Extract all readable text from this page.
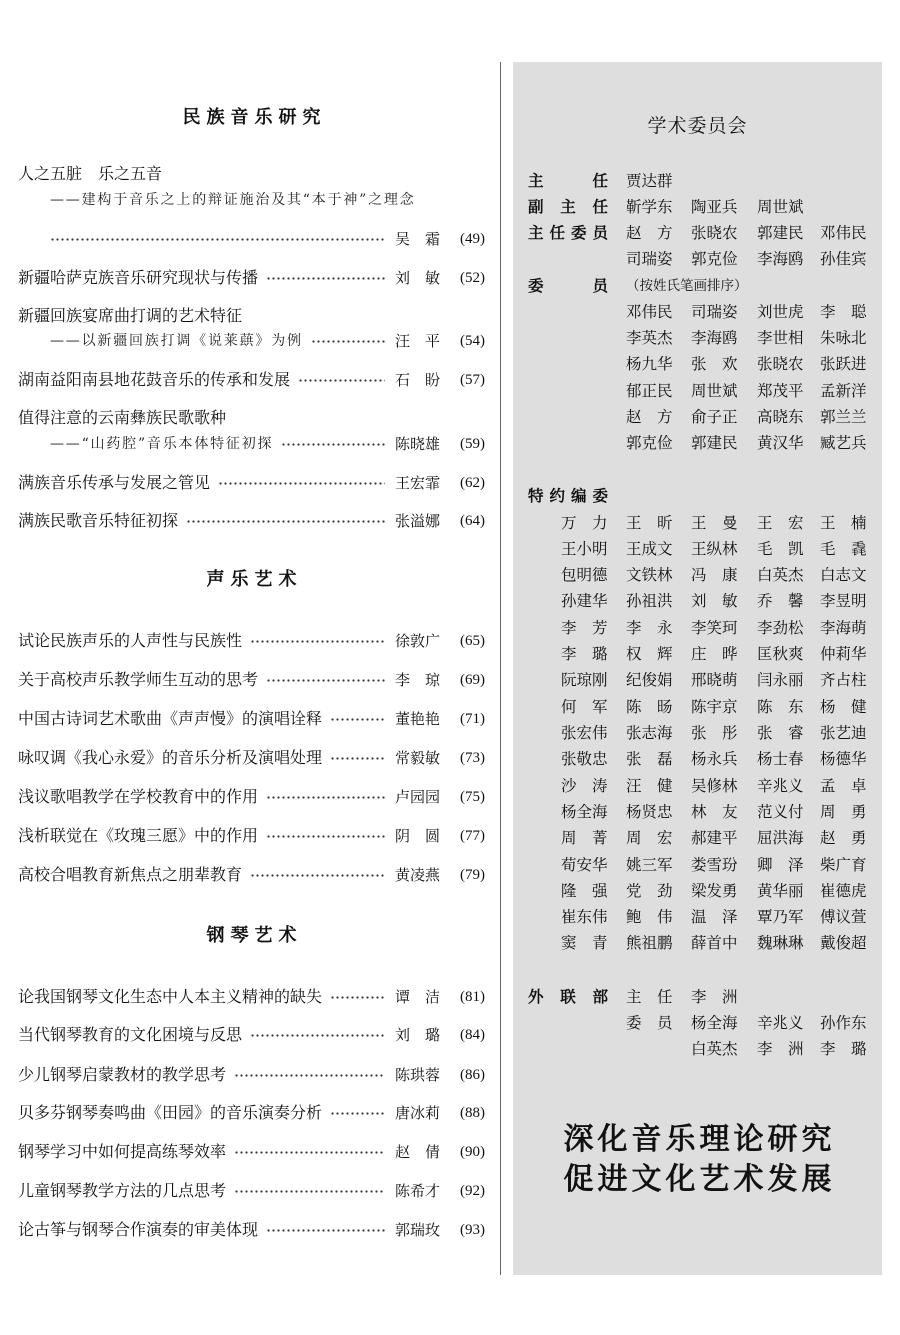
民族音乐研究
人之五脏　乐之五音
——建构于音乐之上的辩证施治及其“本于神”之理念
吴　霜	(49)
新疆哈萨克族音乐研究现状与传播	刘　敏	(52)
新疆回族宴席曲打调的艺术特征
——以新疆回族打调《说莱蕻》为例	汪　平	(54)
湖南益阳南县地花鼓音乐的传承和发展	石　盼	(57)
值得注意的云南彝族民歌歌种
——“山药腔”音乐本体特征初探	陈晓雄	(59)
满族音乐传承与发展之管见	王宏霏	(62)
满族民歌音乐特征初探	张溢娜	(64)
声乐艺术
试论民族声乐的人声性与民族性	徐敦广	(65)
关于高校声乐教学师生互动的思考	李　琼	(69)
中国古诗词艺术歌曲《声声慢》的演唱诠释	董艳艳	(71)
咏叹调《我心永爱》的音乐分析及演唱处理	常毅敏	(73)
浅议歌唱教学在学校教育中的作用	卢园园	(75)
浅析联觉在《玫瑰三愿》中的作用	阴　圆	(77)
高校合唱教育新焦点之朋辈教育	黄凌燕	(79)
钢琴艺术
论我国钢琴文化生态中人本主义精神的缺失	谭　洁	(81)
当代钢琴教育的文化困境与反思	刘　璐	(84)
少儿钢琴启蒙教材的教学思考	陈珙蓉	(86)
贝多芬钢琴奏鸣曲《田园》的音乐演奏分析	唐冰莉	(88)
钢琴学习中如何提高练琴效率	赵　倩	(90)
儿童钢琴教学方法的几点思考	陈希才	(92)
论古筝与钢琴合作演奏的审美体现	郭瑞玫	(93)
学术委员会
主　　任 贾达群
副 主 任 靳学东 陶亚兵 周世斌
主任委员 赵　方 张晓农 郭建民 邓伟民
司瑞姿 郭克俭 李海鸥 孙佳宾
委　　员 （按姓氏笔画排序）
邓伟民 司瑞姿 刘世虎 李　聪
李英杰 李海鸥 李世相 朱咏北
杨九华 张　欢 张晓农 张跃进
郁正民 周世斌 郑茂平 孟新洋
赵　方 俞子正 高晓东 郭兰兰
郭克俭 郭建民 黄汉华 臧艺兵
特约编委
万　力 王　昕 王　曼 王　宏 王　楠
王小明 王成文 王纵林 毛　凯 毛　毳
包明德 文铁林 冯　康 白英杰 白志文
孙建华 孙祖洪 刘　敏 乔　馨 李昱明
李　芳 李　永 李笑珂 李劲松 李海萌
李　璐 权　辉 庄　晔 匡秋爽 仲莉华
阮琼刚 纪俊娟 邢晓萌 闫永丽 齐占柱
何　军 陈　旸 陈宇京 陈　东 杨　健
张宏伟 张志海 张　彤 张　睿 张艺迪
张敬忠 张　磊 杨永兵 杨士春 杨德华
沙　涛 汪　健 吴修林 辛兆义 孟　卓
杨全海 杨贤忠 林　友 范义付 周　勇
周　菁 周　宏 郝建平 屈洪海 赵　勇
荀安华 姚三军 娄雪玢 卿　泽 柴广育
隆　强 党　劲 梁发勇 黄华丽 崔德虎
崔东伟 鲍　伟 温　泽 覃乃军 傅议萱
窦　青 熊祖鹏 薛首中 魏琳琳 戴俊超
外 联 部 主　任 李　洲
委　员 杨全海 辛兆义 孙作东
白英杰 李　洲 李　璐
深化音乐理论研究
促进文化艺术发展
